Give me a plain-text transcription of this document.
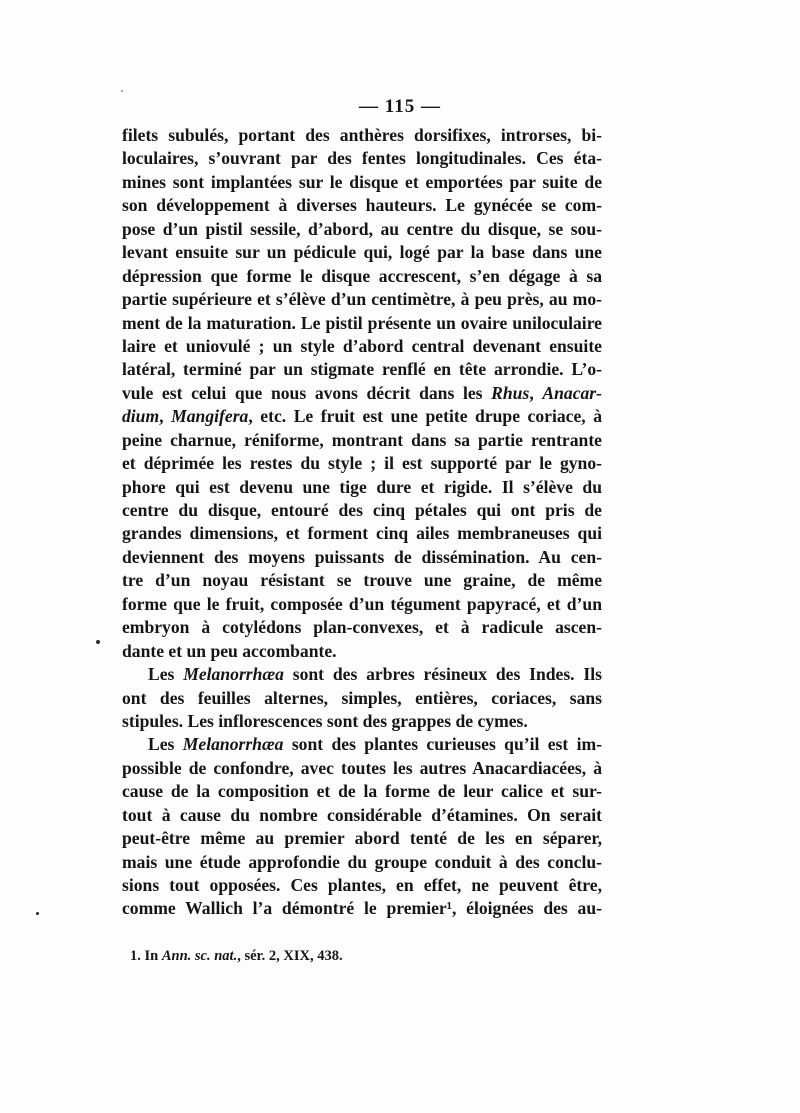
— 115 —
filets subulés, portant des anthères dorsifixes, introrses, bi-
loculaires, s’ouvrant par des fentes longitudinales. Ces éta-
mines sont implantées sur le disque et emportées par suite de
son développement à diverses hauteurs. Le gynécée se com-
pose d’un pistil sessile, d’abord, au centre du disque, se sou-
levant ensuite sur un pédicule qui, logé par la base dans une
dépression que forme le disque accrescent, s’en dégage à sa
partie supérieure et s’élève d’un centimètre, à peu près, au mo-
ment de la maturation. Le pistil présente un ovaire uniloculaire
laire et uniovulé ; un style d’abord central devenant ensuite
latéral, terminé par un stigmate renflé en tête arrondie. L’o-
vule est celui que nous avons décrit dans les Rhus, Anacar-
dium, Mangifera, etc. Le fruit est une petite drupe coriace, à
peine charnue, réniforme, montrant dans sa partie rentrante
et déprimée les restes du style ; il est supporté par le gyno-
phore qui est devenu une tige dure et rigide. Il s’élève du
centre du disque, entouré des cinq pétales qui ont pris de
grandes dimensions, et forment cinq ailes membraneuses qui
deviennent des moyens puissants de dissémination. Au cen-
tre d’un noyau résistant se trouve une graine, de même
forme que le fruit, composée d’un tégument papyracé, et d’un
embryon à cotylédons plan-convexes, et à radicule ascen-
dante et un peu accombante.
Les Melanorrhæa sont des arbres résineux des Indes. Ils
ont des feuilles alternes, simples, entières, coriaces, sans
stipules. Les inflorescences sont des grappes de cymes.
Les Melanorrhæa sont des plantes curieuses qu’il est im-
possible de confondre, avec toutes les autres Anacardiacées, à
cause de la composition et de la forme de leur calice et sur-
tout à cause du nombre considérable d’étamines. On serait
peut-être même au premier abord tenté de les en séparer,
mais une étude approfondie du groupe conduit à des conclu-
sions tout opposées. Ces plantes, en effet, ne peuvent être,
comme Wallich l’a démontré le premier¹, éloignées des au-
1. In Ann. sc. nat., sér. 2, XIX, 438.
